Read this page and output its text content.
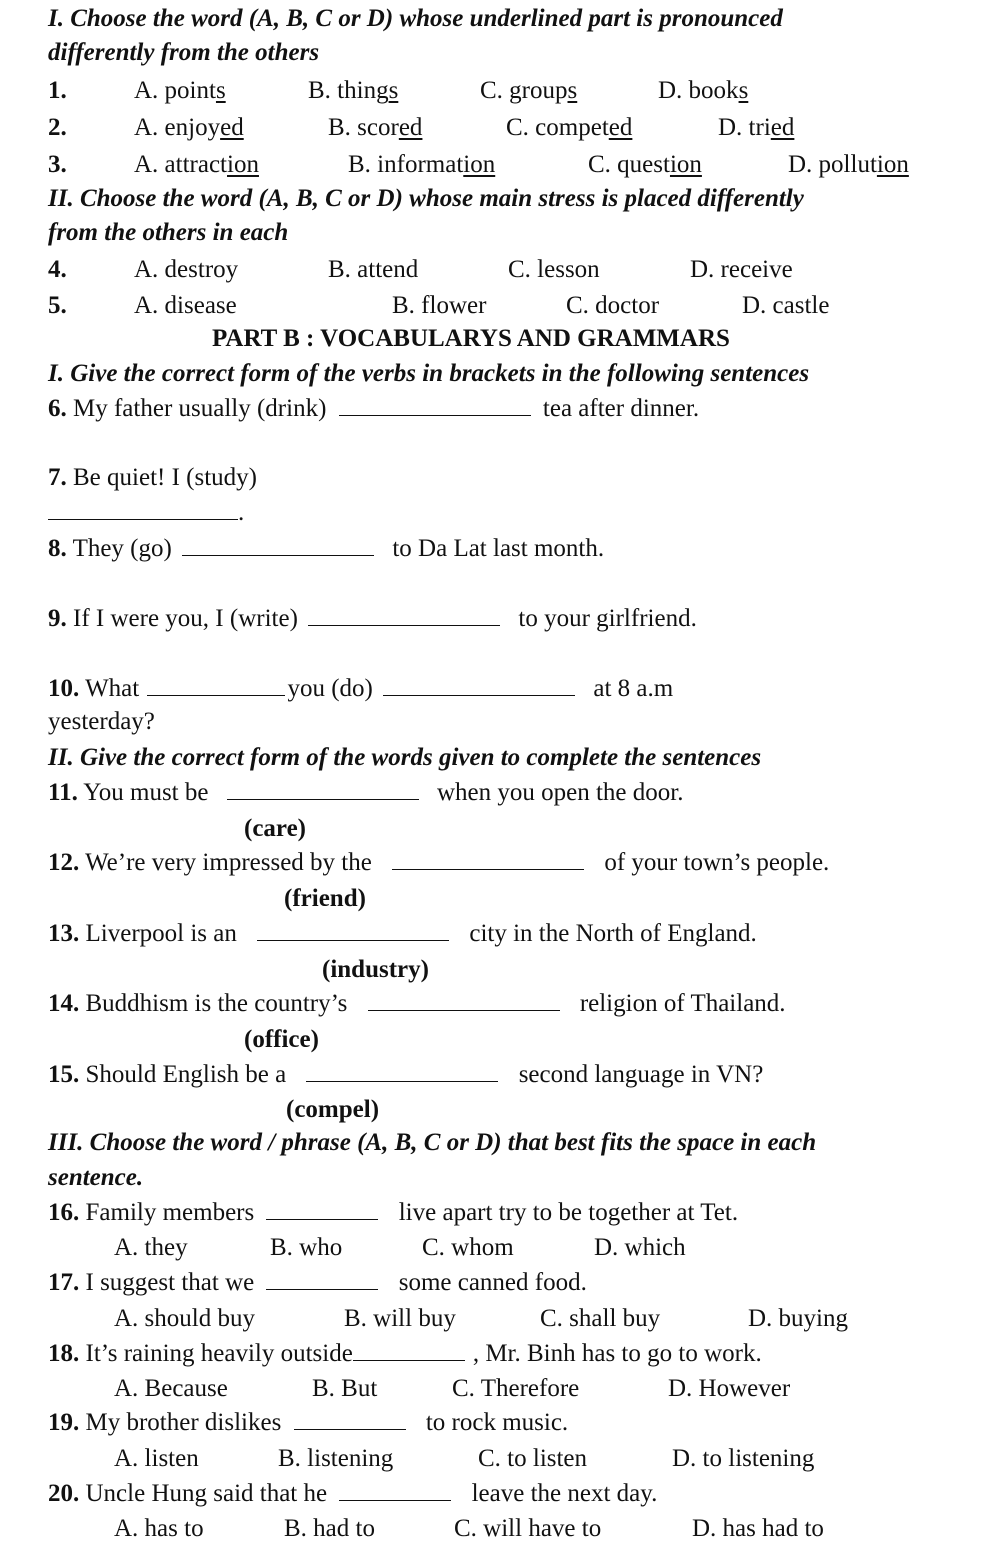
I. Choose the word (A, B, C or D) whose underlined part is pronounced
differently from the others
1.	A. points	B. things	C. groups	D. books
2.	A. enjoyed	B. scored	C. competed	D. tried
3.	A. attraction	B. information	C. question	D. pollution
II. Choose the word (A, B, C or D) whose main stress is placed differently
from the others in each
4.	A. destroy	B. attend	C. lesson	D. receive
5.	A. disease	B. flower	C. doctor	D. castle
PART B : VOCABULARYS AND GRAMMARS
I. Give the correct form of the verbs in brackets in the following sentences
6. My father usually (drink)	tea after dinner.
7. Be quiet! I (study)
.
8. They (go)	to Da Lat last month.
9. If I were you, I (write)	to your girlfriend.
10. What	you (do)	at 8 a.m
yesterday?
II. Give the correct form of the words given to complete the sentences
11. You must be	when you open the door.
(care)
12. We’re very impressed by the	of your town’s people.
(friend)
13. Liverpool is an	city in the North of England.
(industry)
14. Buddhism is the country’s	religion of Thailand.
(office)
15. Should English be a	second language in VN?
(compel)
III. Choose the word / phrase (A, B, C or D) that best fits the space in each
sentence.
16. Family members	live apart try to be together at Tet.
A. they	B. who	C. whom	D. which
17. I suggest that we	some canned food.
A. should buy	B. will buy	C. shall buy	D. buying
18. It’s raining heavily outside	, Mr. Binh has to go to work.
A. Because	B. But	C. Therefore	D. However
19. My brother dislikes	to rock music.
A. listen	B. listening	C. to listen	D. to listening
20. Uncle Hung said that he	leave the next day.
A. has to	B. had to	C. will have to	D. has had to
